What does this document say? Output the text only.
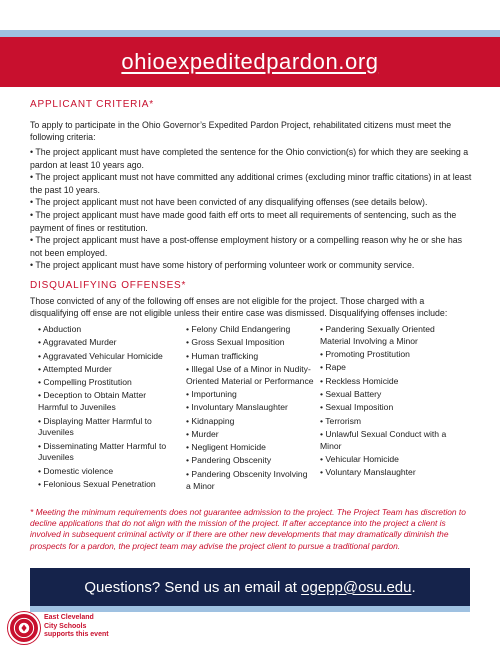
ohioexpeditedpardon.org
APPLICANT CRITERIA*

To apply to participate in the Ohio Governor’s Expedited Pardon Project, rehabilitated citizens must meet the following criteria:

• The project applicant must have completed the sentence for the Ohio conviction(s) for which they are seeking a pardon at least 10 years ago.
• The project applicant must not have committed any additional crimes (excluding minor traffic citations) in at least the past 10 years.
• The project applicant must not have been convicted of any disqualifying offenses (see details below).
• The project applicant must have made good faith eff orts to meet all requirements of sentencing, such as the payment of fines or restitution.
• The project applicant must have a post-offense employment history or a compelling reason why he or she has not been employed.
• The project applicant must have some history of performing volunteer work or community service.
DISQUALIFYING OFFENSES*

Those convicted of any of the following off enses are not eligible for the project. Those charged with a disqualifying off ense are not eligible unless their entire case was dismissed. Disqualifying offenses include:

• Abduction
• Aggravated Murder
• Aggravated Vehicular Homicide
• Attempted Murder
• Compelling Prostitution
• Deception to Obtain Matter Harmful to Juveniles
• Displaying Matter Harmful to Juveniles
• Disseminating Matter Harmful to Juveniles
• Domestic violence
• Felonious Sexual Penetration
• Felony Child Endangering
• Gross Sexual Imposition
• Human trafficking
• Illegal Use of a Minor in Nudity-Oriented Material or Performance
• Importuning
• Involuntary Manslaughter
• Kidnapping
• Murder
• Negligent Homicide
• Pandering Obscenity
• Pandering Obscenity Involving a Minor
• Pandering Sexually Oriented Material Involving a Minor
• Promoting Prostitution
• Rape
• Reckless Homicide
• Sexual Battery
• Sexual Imposition
• Terrorism
• Unlawful Sexual Conduct with a Minor
• Vehicular Homicide
• Voluntary Manslaughter

* Meeting the minimum requirements does not guarantee admission to the project. The Project Team has discretion to decline applications that do not align with the mission of the project. If after acceptance into the project a client is involved in subsequent criminal activity or if there are other new developments that may dramatically diminish the prospects for a pardon, the project team may advise the project client to pursue a traditional pardon.

Questions? Send us an email at
ogepp@osu.edu .
East Cleveland
City Schools
supports this event
